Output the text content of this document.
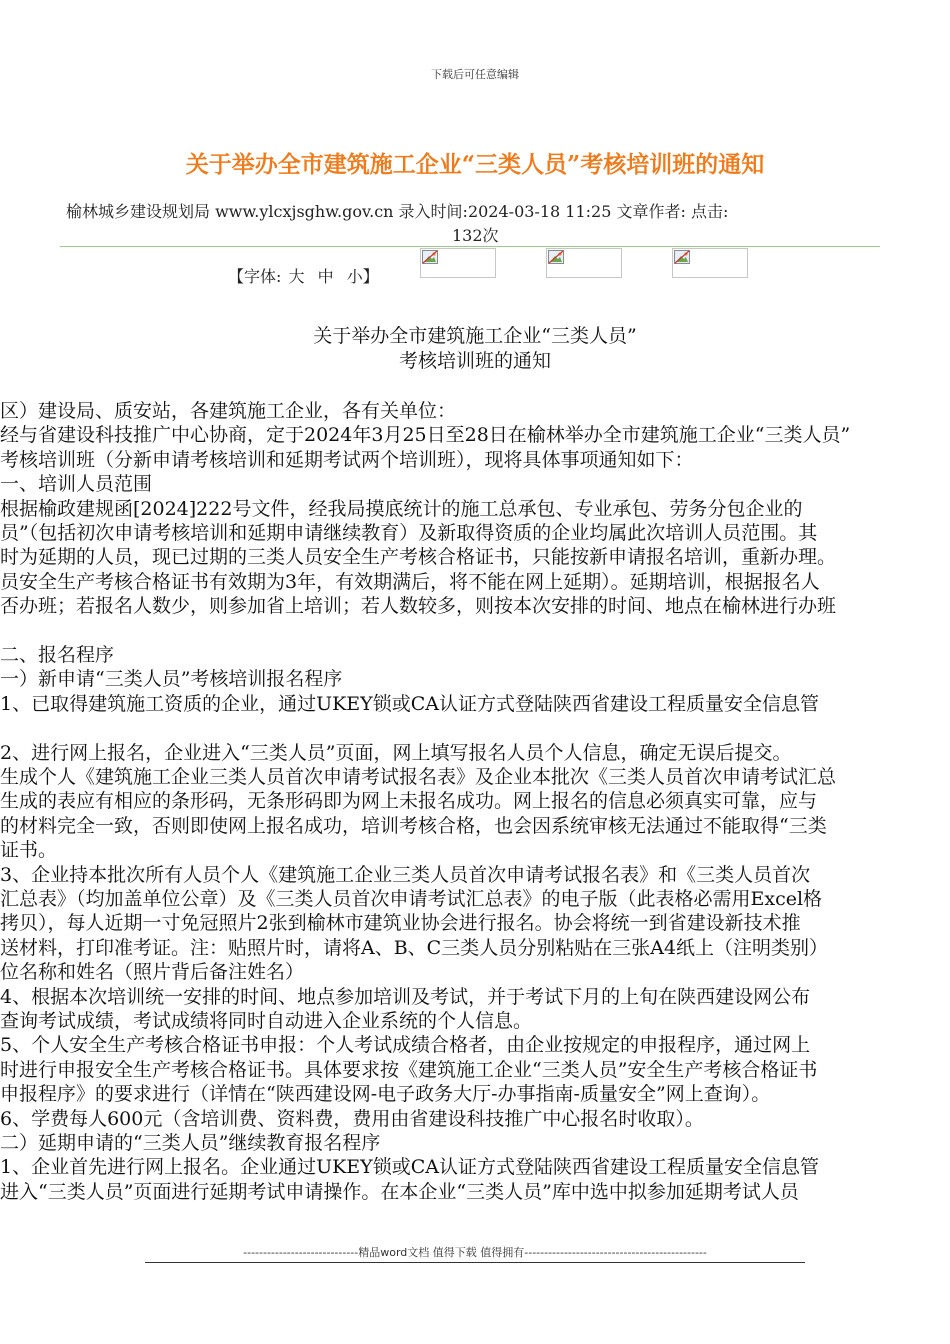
下载后可任意编辑
关于举办全市建筑施工企业“三类人员”考核培训班的通知
榆林城乡建设规划局 www.ylcxjsghw.gov.cn 录入时间:2024-03-18 11:25 文章作者: 点击:
132次
【字体: 大 中 小】
关于举办全市建筑施工企业“三类人员”
考核培训班的通知
区）建设局、质安站，各建筑施工企业，各有关单位：
经与省建设科技推广中心协商，定于2024年3月25日至28日在榆林举办全市建筑施工企业“三类人员”
考核培训班（分新申请考核培训和延期考试两个培训班），现将具体事项通知如下：
一、培训人员范围
根据榆政建规函[2024]222号文件，经我局摸底统计的施工总承包、专业承包、劳务分包企业的
员”（包括初次申请考核培训和延期申请继续教育）及新取得资质的企业均属此次培训人员范围。其
时为延期的人员，现已过期的三类人员安全生产考核合格证书，只能按新申请报名培训，重新办理。
员安全生产考核合格证书有效期为3年，有效期满后，将不能在网上延期）。延期培训，根据报名人
否办班；若报名人数少，则参加省上培训；若人数较多，则按本次安排的时间、地点在榆林进行办班
二、报名程序
一）新申请“三类人员”考核培训报名程序
1、已取得建筑施工资质的企业，通过UKEY锁或CA认证方式登陆陕西省建设工程质量安全信息管
2、进行网上报名，企业进入“三类人员”页面，网上填写报名人员个人信息，确定无误后提交。
生成个人《建筑施工企业三类人员首次申请考试报名表》及企业本批次《三类人员首次申请考试汇总
生成的表应有相应的条形码，无条形码即为网上未报名成功。网上报名的信息必须真实可靠，应与
的材料完全一致，否则即使网上报名成功，培训考核合格，也会因系统审核无法通过不能取得“三类
证书。
3、企业持本批次所有人员个人《建筑施工企业三类人员首次申请考试报名表》和《三类人员首次
汇总表》（均加盖单位公章）及《三类人员首次申请考试汇总表》的电子版（此表格必需用Excel格
拷贝），每人近期一寸免冠照片2张到榆林市建筑业协会进行报名。协会将统一到省建设新技术推
送材料，打印准考证。注：贴照片时，请将A、B、C三类人员分别粘贴在三张A4纸上（注明类别）
位名称和姓名（照片背后备注姓名）
4、根据本次培训统一安排的时间、地点参加培训及考试，并于考试下月的上旬在陕西建设网公布
查询考试成绩，考试成绩将同时自动进入企业系统的个人信息。
5、个人安全生产考核合格证书申报：个人考试成绩合格者，由企业按规定的申报程序，通过网上
时进行申报安全生产考核合格证书。具体要求按《建筑施工企业“三类人员”安全生产考核合格证书
申报程序》的要求进行（详情在“陕西建设网-电子政务大厅-办事指南-质量安全”网上查询）。
6、学费每人600元（含培训费、资料费，费用由省建设科技推广中心报名时收取）。
二）延期申请的“三类人员”继续教育报名程序
1、企业首先进行网上报名。企业通过UKEY锁或CA认证方式登陆陕西省建设工程质量安全信息管
进入“三类人员”页面进行延期考试申请操作。在本企业“三类人员”库中选中拟参加延期考试人员
-----------------------------精品word文档 值得下载 值得拥有----------------------------------------------
